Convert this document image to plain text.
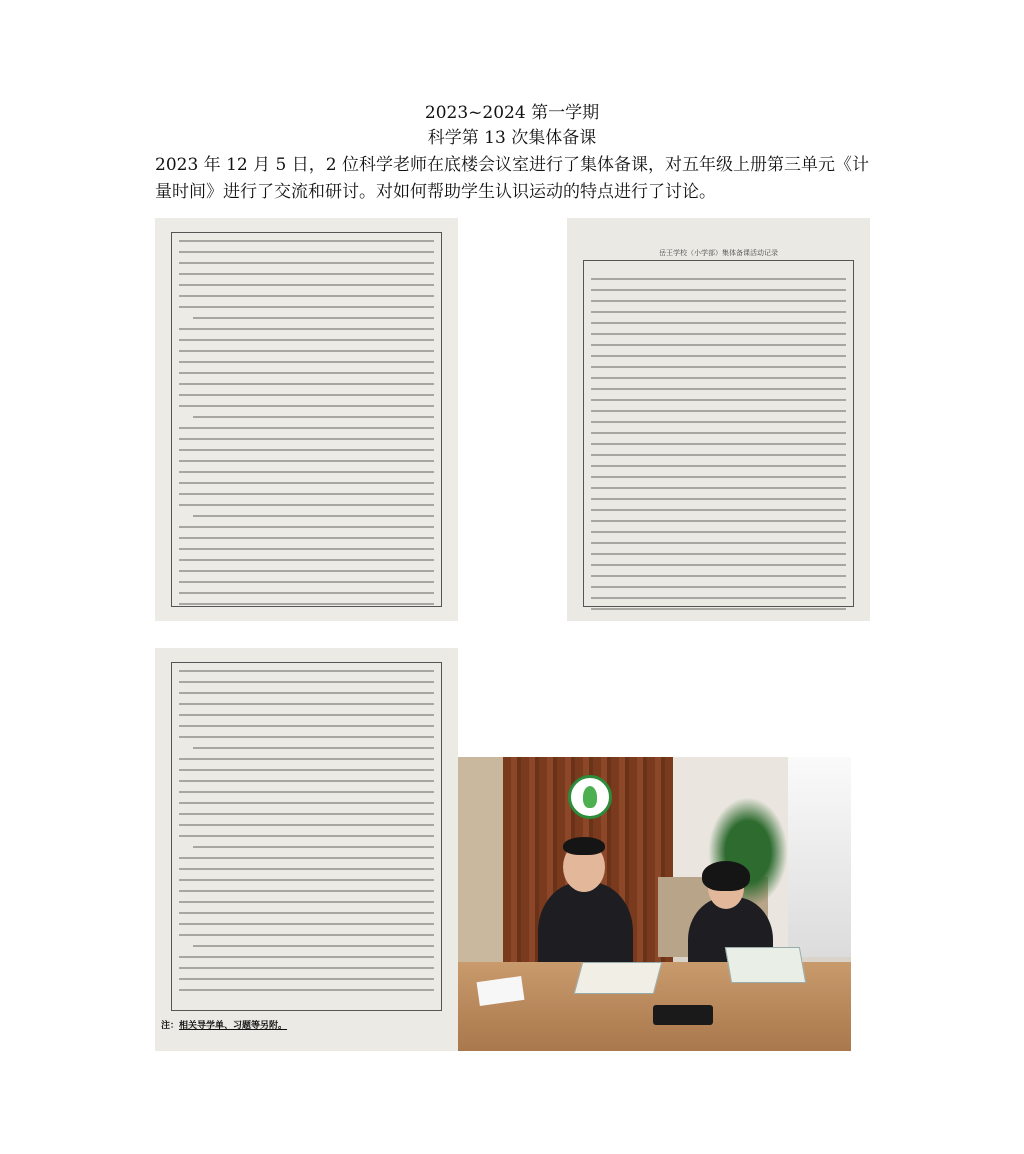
2023~2024 第一学期
科学第 13 次集体备课
2023 年 12 月 5 日，2 位科学老师在底楼会议室进行了集体备课，对五年级上册第三单元《计量时间》进行了交流和研讨。对如何帮助学生认识运动的特点进行了讨论。
岳王学校（小学部）集体备课活动记录
注：相关导学单、习题等另附。
